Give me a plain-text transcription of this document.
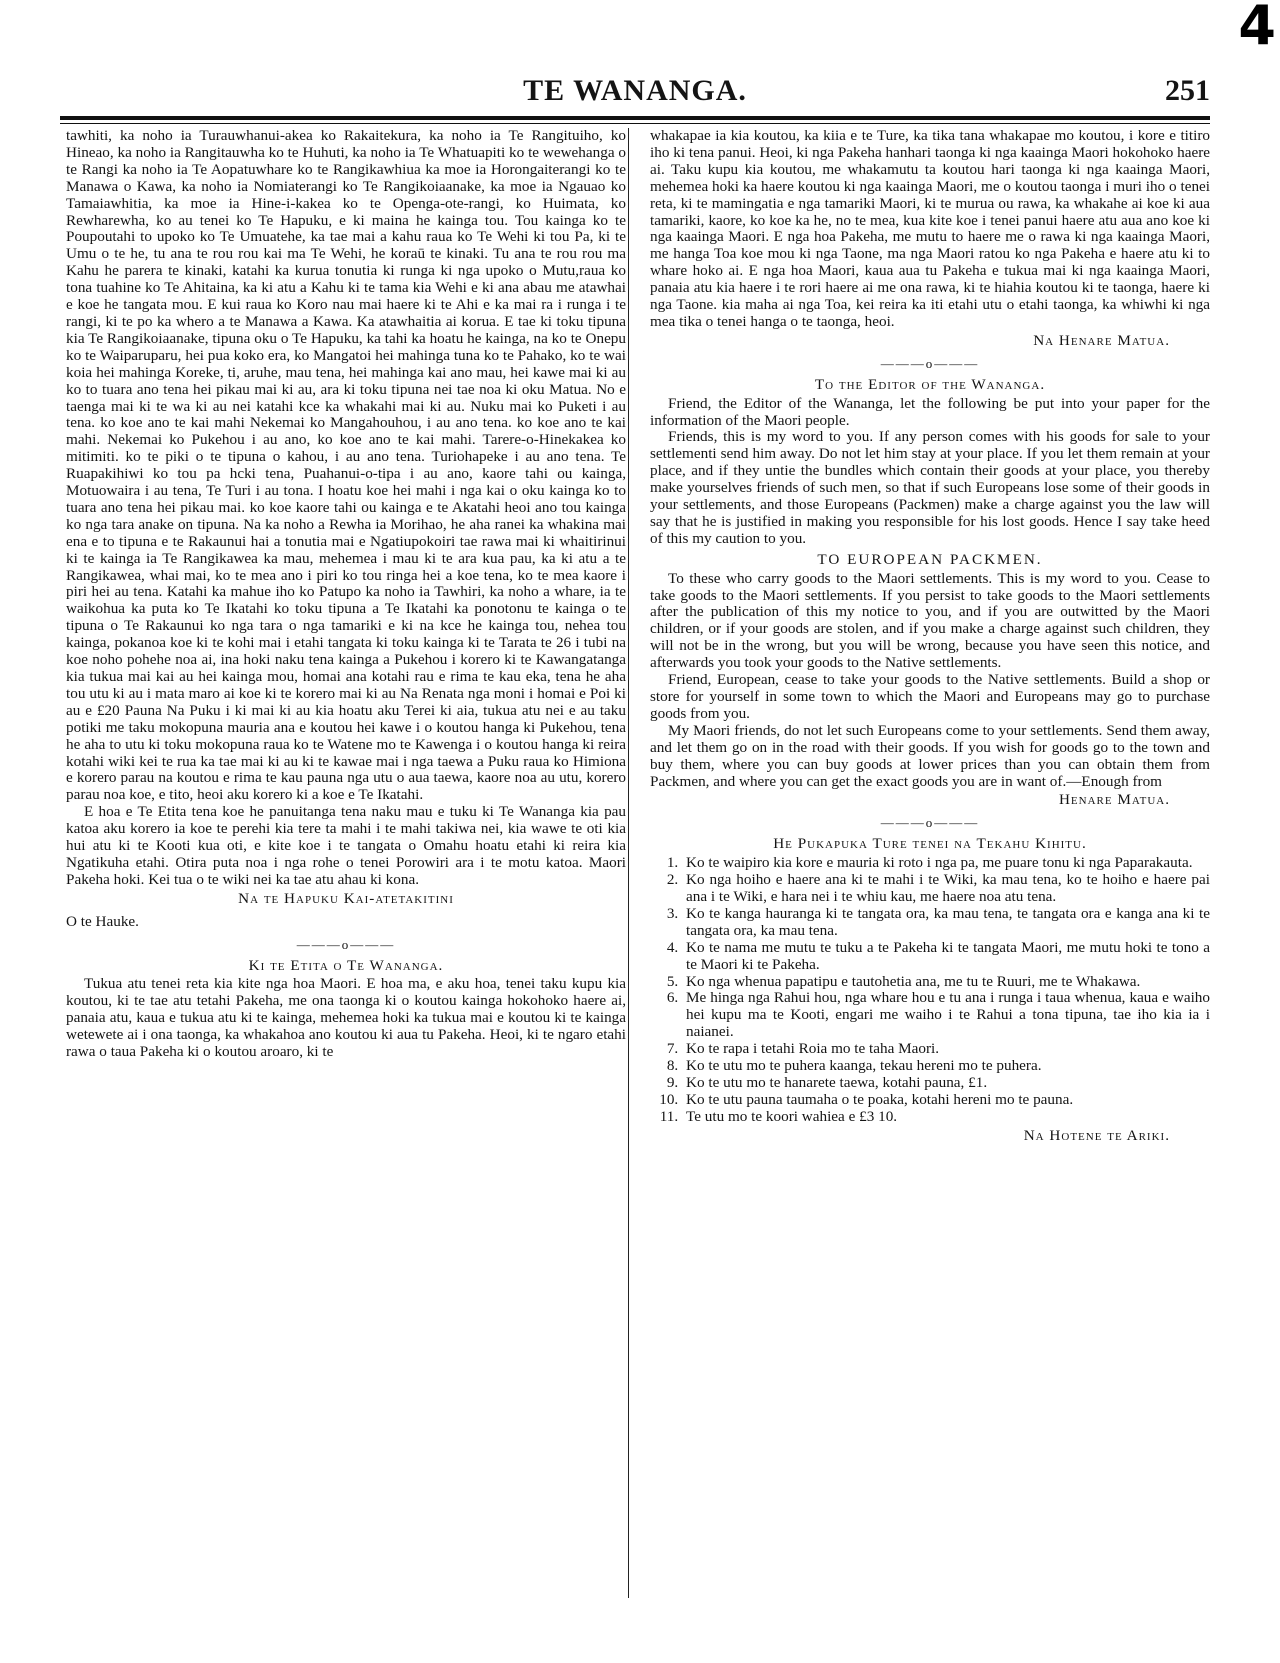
4
TE WANANGA.	251

tawhiti, ka noho ia Turauwhanui-akea ko Rakaitekura, ka noho ia Te Rangituiho, ko Hineao, ka noho ia Rangitauwha ko te Huhuti, ka noho ia Te Whatuapiti ko te wewehanga o te Rangi ka noho ia Te Aopatuwhare ko te Rangikawhiua ka moe ia Horongaiterangi ko te Manawa o Kawa, ka noho ia Nomiaterangi ko Te Rangikoiaanake, ka moe ia Ngauao ko Tamaiawhitia, ka moe ia Hine-i-kakea ko te Openga-ote-rangi, ko Huimata, ko Rewharewha, ko au tenei ko Te Hapuku, e ki maina he kainga tou. Tou kainga ko te Poupoutahi to upoko ko Te Umuatehe, ka tae mai a kahu raua ko Te Wehi ki tou Pa, ki te Umu o te he, tu ana te rou rou kai ma Te Wehi, he koraū te kinaki. Tu ana te rou rou ma Kahu he parera te kinaki, katahi ka kurua tonutia ki runga ki nga upoko o Mutu,raua ko tona tuahine ko Te Ahitaina, ka ki atu a Kahu ki te tama kia Wehi e ki ana abau me atawhai e koe he tangata mou. E kui raua ko Koro nau mai haere ki te Ahi e ka mai ra i runga i te rangi, ki te po ka whero a te Manawa a Kawa. Ka atawhaitia ai koruа. E tae ki toku tipuna kia Te Rangikoiaanake, tipuna oku o Te Hapuku, ka tahi ka hoatu he kainga, na ko te Onepu ko te Waiparuparu, hei pua koko era, ko Mangatoi hei mahinga tuna ko te Pahako, ko te wai koia hei mahinga Koreke, ti, aruhe, mau tena, hei mahinga kai ano mau, hei kawe mai ki au ko to tuara ano tena hei pikau mai ki au, ara ki toku tipuna nei tae noa ki oku Matua. No e taenga mai ki te wa ki au nei katahi kce ka whakahi mai ki au. Nuku mai ko Puketi i au tena. ko koe ano te kai mahi Nekemai ko Mangahouhou, i au ano tena. ko koe ano te kai mahi. Nekemai ko Pukehou i au ano, ko koe ano te kai mahi. Tarere-o-Hinekakea ko mitimiti. ko te piki o te tipuna o kahou, i au ano tena. Turiohapeke i au ano tena. Te Ruapakihiwi ko tou pa hcki tena, Puahanui-o-tipa i au ano, kaore tahi ou kainga, Motuowaira i au tena, Te Turi i au tona. I hoatu koe hei mahi i nga kai o oku kainga ko to tuara ano tena hei pikau mai. ko koe kaore tahi ou kainga e te Akatahi heoi ano tou kainga ko nga tara anake on tipuna. Na ka noho a Rewha ia Morihao, he aha ranei ka whakina mai ena e to tipuna e te Rakaunui hai a tonutia mai e Ngatiupokoiri tae rawa mai ki whaitirinui ki te kainga ia Te Rangikawea ka mau, mehemea i mau ki te ara kua pau, ka ki atu a te Rangikawea, whai mai, ko te mea ano i piri ko tou ringa hei a koe tena, ko te mea kaore i piri hei au tena. Katahi ka mahue iho ko Patupo ka noho ia Tawhiri, ka noho a whare, ia te waikohua ka puta ko Te Ikatahi ko toku tipuna a Te Ikatahi ka ponotonu te kainga o te tipuna o Te Rakaunui ko nga tara o nga tamariki e ki na kce he kainga tou, nehea tou kainga, pokanoa koe ki te kohi mai i etahi tangata ki toku kainga ki te Tarata te 26 i tubi na koe noho pohehe noa ai, ina hoki naku tena kainga a Pukehou i korero ki te Kawangatanga kia tukua mai kai au hei kainga mou, homai ana kotahi rau e rima te kau eka, tena he aha tou utu ki au i mata maro ai koe ki te korero mai ki au Na Renata nga moni i homai e Poi ki au e £20 Pauna Na Puku i ki mai ki au kia hoatu aku Terei ki aia, tukua atu nei e au taku potiki me taku mokopuna mauria ana e koutou hei kawe i o koutou hanga ki Pukehou, tena he aha to utu ki toku mokopuna raua ko te Watene mo te Kawenga i o koutou hanga ki reira kotahi wiki kei te rua ka tae mai ki au ki te kawae mai i nga taewa a Puku raua ko Himiona e korero parau na koutou e rima te kau pauna nga utu o aua taewa, kaore noa au utu, korero parau noa koe, e tito, heoi aku korero ki a koe e Te Ikatahi.

E hoa e Te Etita tena koe he panuitanga tena naku mau e tuku ki Te Wananga kia pau katoa aku korero ia koe te perehi kia tere ta mahi i te mahi takiwa nei, kia wawe te oti kia hui atu ki te Kooti kua oti, e kite koe i te tangata o Omahu hoatu etahi ki reira kia Ngatikuha etahi. Otira puta noa i nga rohe o tenei Porowiri ara i te motu katoa. Maori Pakeha hoki. Kei tua o te wiki nei ka tae atu ahau ki kona.

Na te Hapuku Kai-atetakitini

O te Hauke.

———o———
Ki te Etita o Te Wananga.

Tukua atu tenei reta kia kite nga hoa Maori. E hoa ma, e aku hoa, tenei taku kupu kia koutou, ki te tae atu tetahi Pakeha, me ona taonga ki o koutou kainga hokohoko haere ai, panaia atu, kaua e tukua atu ki te kainga, mehemea hoki ka tukua mai e koutou ki te kainga wetewete ai i ona taonga, ka whakahoa ano koutou ki aua tu Pakeha. Heoi, ki te ngaro etahi rawa o taua Pakeha ki o koutou aroaro, ki te

whakapae ia kia koutou, ka kiia e te Ture, ka tika tana whakapae mo koutou, i kore e titiro iho ki tena panui. Heoi, ki nga Pakeha hanhari taonga ki nga kaainga Maori hokohoko haere ai. Taku kupu kia koutou, me whakamutu ta koutou hari taonga ki nga kaainga Maori, mehemea hoki ka haere koutou ki nga kaainga Maori, me o koutou taonga i muri iho o tenei reta, ki te mamingatia e nga tamariki Maori, ki te murua ou rawa, ka whakahe ai koe ki aua tamariki, kaore, ko koe ka he, no te mea, kua kite koe i tenei panui haere atu aua ano koe ki nga kaainga Maori. E nga hoa Pakeha, me mutu to haere me o rawa ki nga kaainga Maori, me hanga Toa koe mou ki nga Taone, ma nga Maori ratou ko nga Pakeha e haere atu ki to whare hoko ai. E nga hoa Maori, kaua aua tu Pakeha e tukua mai ki nga kaainga Maori, panaia atu kia haere i te rori haere ai me ona rawa, ki te hiahia koutou ki te taonga, haere ki nga Taone. kia maha ai nga Toa, kei reira ka iti etahi utu o etahi taonga, ka whiwhi ki nga mea tika o tenei hanga o te taonga, heoi.

Na Henare Matua.
———o———
To the Editor of the Wananga.

Friend, the Editor of the Wananga, let the following be put into your paper for the information of the Maori people.

Friends, this is my word to you. If any person comes with his goods for sale to your settlementi send him away. Do not let him stay at your place. If you let them remain at your place, and if they untie the bundles which contain their goods at your place, you thereby make yourselves friends of such men, so that if such Europeans lose some of their goods in your settlements, and those Europeans (Packmen) make a charge against you the law will say that he is justified in making you responsible for his lost goods. Hence I say take heed of this my caution to you.

TO EUROPEAN PACKMEN.

To these who carry goods to the Maori settlements. This is my word to you. Cease to take goods to the Maori settlements. If you persist to take goods to the Maori settlements after the publication of this my notice to you, and if you are outwitted by the Maori children, or if your goods are stolen, and if you make a charge against such children, they will not be in the wrong, but you will be wrong, because you have seen this notice, and afterwards you took your goods to the Native settlements.

Friend, European, cease to take your goods to the Native settlements. Build a shop or store for yourself in some town to which the Maori and Europeans may go to purchase goods from you.

My Maori friends, do not let such Europeans come to your settlements. Send them away, and let them go on in the road with their goods. If you wish for goods go to the town and buy them, where you can buy goods at lower prices than you can obtain them from Packmen, and where you can get the exact goods you are in want of.—Enough from

Henare Matua.
———o———
He Pukapuka Ture tenei na Tekahu Kihitu.
1. Ko te waipiro kia kore e mauria ki roto i nga pa, me puare tonu ki nga Paparakauta.
2. Ko nga hoiho e haere ana ki te mahi i te Wiki, ka mau tena, ko te hoiho e haere pai ana i te Wiki, e hara nei i te whiu kau, me haere noa atu tena.
3. Ko te kanga hauranga ki te tangata ora, ka mau tena, te tangata ora e kanga ana ki te tangata ora, ka mau tena.
4. Ko te nama me mutu te tuku a te Pakeha ki te tangata Maori, me mutu hoki te tono a te Maori ki te Pakeha.
5. Ko nga whenua papatipu e tautohetia ana, me tu te Ruuri, me te Whakawa.
6. Me hinga nga Rahui hou, nga whare hou e tu ana i runga i taua whenua, kaua e waiho hei kupu ma te Kooti, engari me waiho i te Rahui a tona tipuna, tae iho kia ia i naianei.
7. Ko te rapa i tetahi Roia mo te taha Maori.
8. Ko te utu mo te puhera kaanga, tekau hereni mo te puhera.
9. Ko te utu mo te hanarete taewa, kotahi pauna, £1.
10. Ko te utu pauna taumaha o te poaka, kotahi hereni mo te pauna.
11. Te utu mo te koori wahiea e £3 10.
Na Hotene te Ariki.
